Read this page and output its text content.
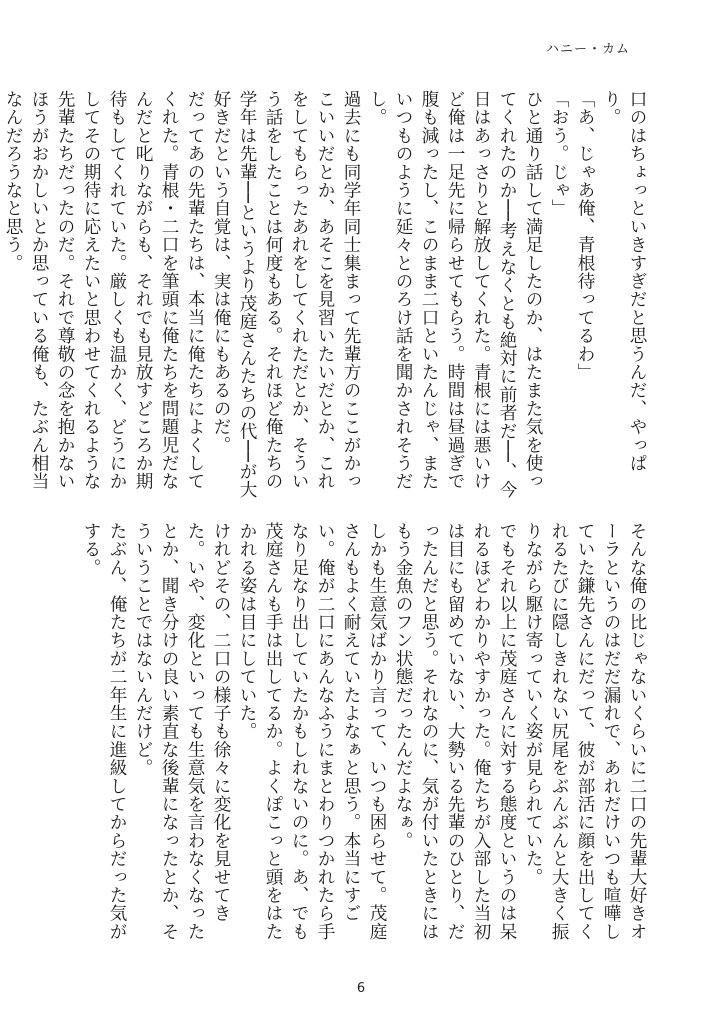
ハニー・カム

口のはちょっといきすぎだと思うんだ、やっぱり。

「あ、じゃあ俺、青根待ってるわ」

「おう。じゃ」

ひと通り話して満足したのか、はたまた気を使ってくれたのか──考えなくとも絶対に前者だ──、今日はあっさりと解放してくれた。青根には悪いけど俺は一足先に帰らせてもらう。時間は昼過ぎで腹も減ったし、このまま二口といたんじゃ、またいつものように延々とのろけ話を聞かされそうだし。

過去にも同学年同士集まって先輩方のここがかっこいいだとか、あそこを見習いたいだとか、これをしてもらったあれをしてくれただとか、そういう話をしたことは何度もある。それほど俺たちの学年は先輩──というより茂庭さんたちの代──が大好きだという自覚は、実は俺にもあるのだ。

だってあの先輩たちは、本当に俺たちによくしてくれた。青根・二口を筆頭に俺たちを問題児だなんだと叱りながらも、それでも見放すどころか期待もしてくれていた。厳しくも温かく、どうにかしてその期待に応えたいと思わせてくれるような先輩たちだったのだ。それで尊敬の念を抱かないほうがおかしいとか思っている俺も、たぶん相当なんだろうなと思う。

そんな俺の比じゃないくらいに二口の先輩大好きオーラというのはだだ漏れで、あれだけいつも喧嘩していた鎌先さんにだって、彼が部活に顔を出してくれるたびに隠しきれない尻尾をぶんぶんと大きく振りながら駆け寄っていく姿が見られていた。

でもそれ以上に茂庭さんに対する態度というのは呆れるほどわかりやすかった。俺たちが入部した当初は目にも留めていない、大勢いる先輩のひとり、だったんだと思う。それなのに、気が付いたときにはもう金魚のフン状態だったんだよなぁ。

しかも生意気ばかり言って、いつも困らせて。茂庭さんもよく耐えていたよなぁと思う。本当にすごい。俺が二口にあんなふうにまとわりつかれたら手なり足なり出していたかもしれないのに。あ、でも茂庭さんも手は出してるか。よくぽこっと頭をはたかれる姿は目にしていた。

けれどその、二口の様子も徐々に変化を見せてきた。いや、変化といっても生意気を言わなくなったとか、聞き分けの良い素直な後輩になったとか、そういうことではないんだけど。

たぶん、俺たちが二年生に進級してからだった気がする。

6
